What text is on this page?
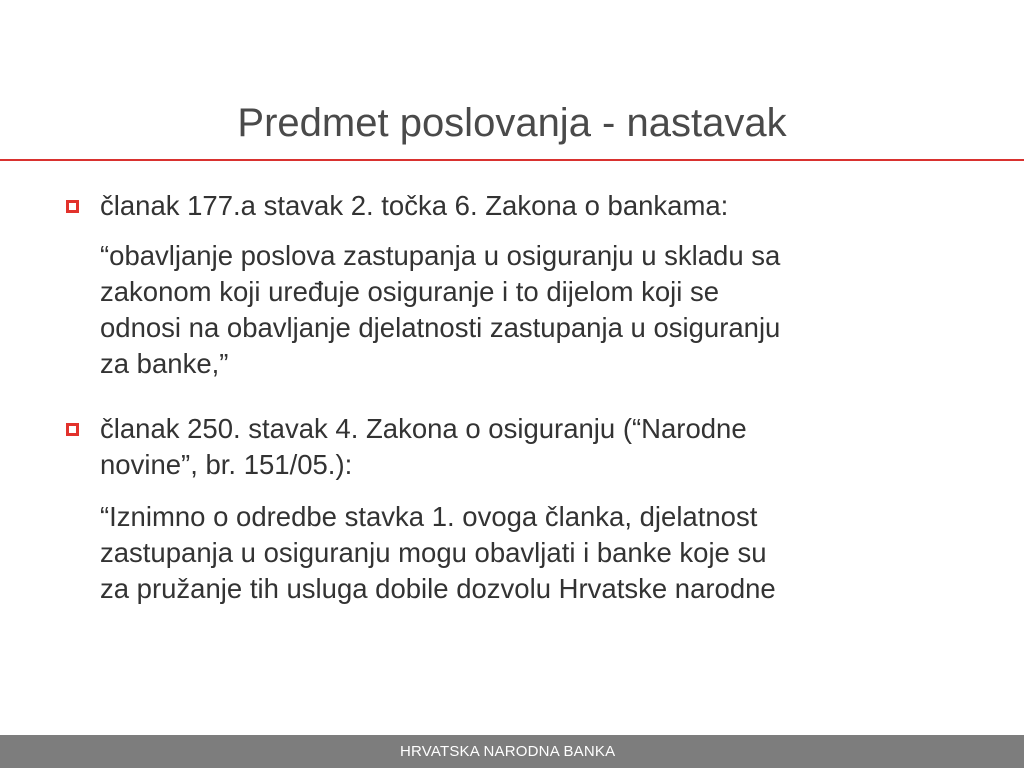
Predmet poslovanja - nastavak
članak 177.a stavak 2. točka 6. Zakona o bankama:
“obavljanje poslova zastupanja u osiguranju u skladu sa
zakonom koji uređuje osiguranje i to dijelom koji se
odnosi na obavljanje djelatnosti zastupanja u osiguranju
za banke,”
članak 250. stavak 4. Zakona o osiguranju (“Narodne
novine”, br. 151/05.):
“Iznimno o odredbe stavka 1. ovoga članka, djelatnost
zastupanja u osiguranju mogu obavljati i banke koje su
za pružanje tih usluga dobile dozvolu Hrvatske narodne
HRVATSKA NARODNA BANKA
